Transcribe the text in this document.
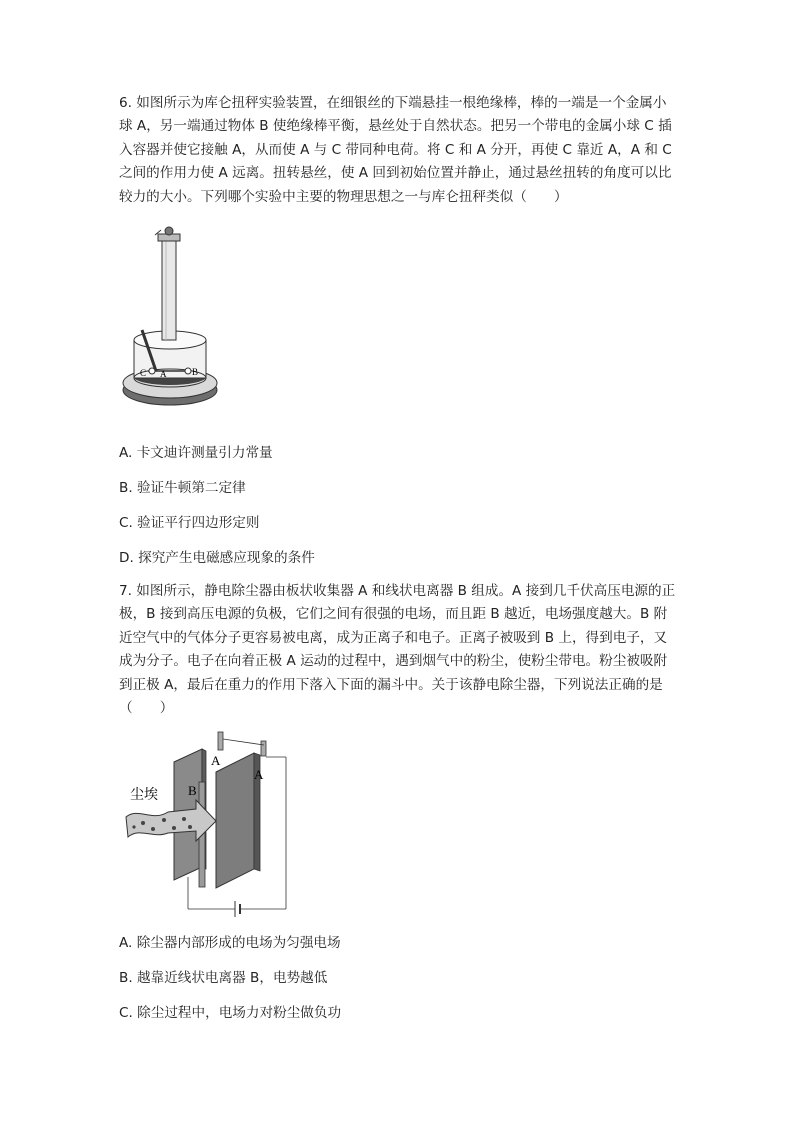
6. 如图所示为库仑扭秤实验装置，在细银丝的下端悬挂一根绝缘棒，棒的一端是一个金属小球 A，另一端通过物体 B 使绝缘棒平衡，悬丝处于自然状态。把另一个带电的金属小球 C 插入容器并使它接触 A，从而使 A 与 C 带同种电荷。将 C 和 A 分开，再使 C 靠近 A，A 和 C 之间的作用力使 A 远离。扭转悬丝，使 A 回到初始位置并静止，通过悬丝扭转的角度可以比较力的大小。下列哪个实验中主要的物理思想之一与库仑扭秤类似（　　）

C A	B

A. 卡文迪许测量引力常量

B. 验证牛顿第二定律

C. 验证平行四边形定则

D. 探究产生电磁感应现象的条件

7. 如图所示，静电除尘器由板状收集器 A 和线状电离器 B 组成。A 接到几千伏高压电源的正极，B 接到高压电源的负极，它们之间有很强的电场，而且距 B 越近，电场强度越大。B 附近空气中的气体分子更容易被电离，成为正离子和电子。正离子被吸到 B 上，得到电子，又成为分子。电子在向着正极 A 运动的过程中，遇到烟气中的粉尘，使粉尘带电。粉尘被吸附到正极 A，最后在重力的作用下落入下面的漏斗中。关于该静电除尘器，下列说法正确的是（　　）

尘埃
A
A
B

A. 除尘器内部形成的电场为匀强电场

B. 越靠近线状电离器 B，电势越低

C. 除尘过程中，电场力对粉尘做负功
